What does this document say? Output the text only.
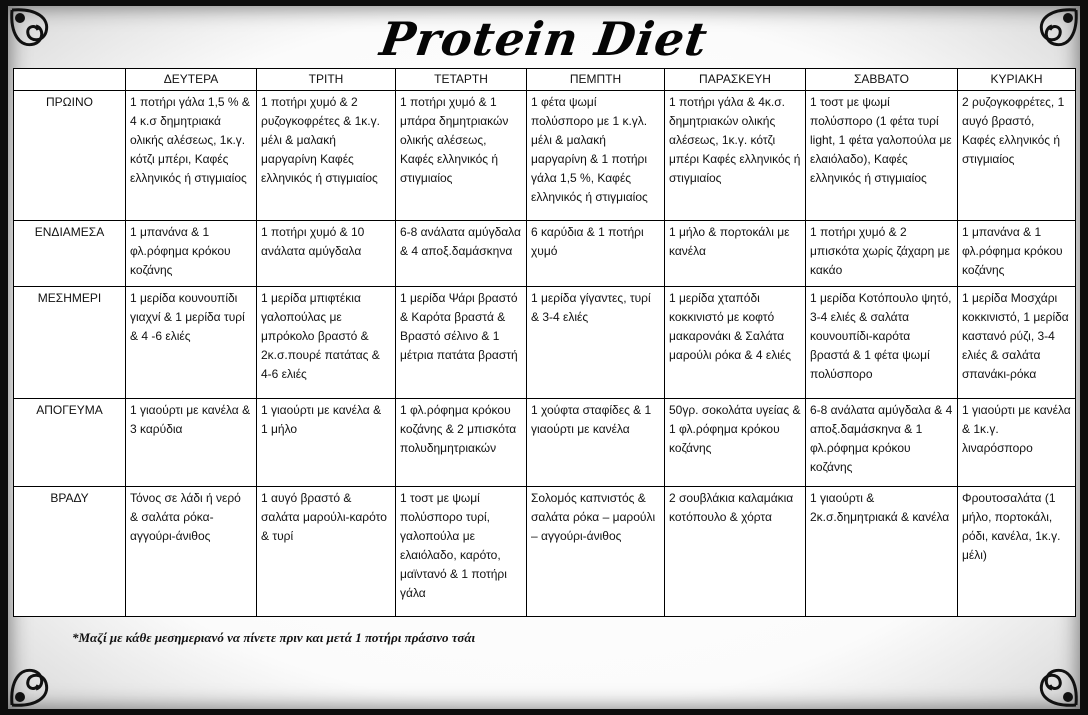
Protein Diet
	ΔΕΥΤΕΡΑ	ΤΡΙΤΗ	ΤΕΤΑΡΤΗ	ΠΕΜΠΤΗ	ΠΑΡΑΣΚΕΥΗ	ΣΑΒΒΑΤΟ	ΚΥΡΙΑΚΗ
ΠΡΩΙΝΟ	1 ποτήρι γάλα 1,5 % & 4 κ.σ δημητριακά ολικής αλέσεως, 1κ.γ. κότζι μπέρι, Καφές ελληνικός ή στιγμιαίος	1 ποτήρι χυμό & 2 ρυζογκοφρέτες & 1κ.γ. μέλι & μαλακή μαργαρίνη Καφές ελληνικός ή στιγμιαίος	1 ποτήρι χυμό & 1 μπάρα δημητριακών ολικής αλέσεως, Καφές ελληνικός ή στιγμιαίος	1 φέτα ψωμί πολύσπορο με 1 κ.γλ. μέλι & μαλακή μαργαρίνη & 1 ποτήρι γάλα 1,5 %, Καφές ελληνικός ή στιγμιαίος	1 ποτήρι γάλα & 4κ.σ. δημητριακών ολικής αλέσεως, 1κ.γ. κότζι μπέρι Καφές ελληνικός ή στιγμιαίος	1 τοστ με ψωμί πολύσπορο (1 φέτα τυρί light, 1 φέτα γαλοπούλα με ελαιόλαδο), Καφές ελληνικός ή στιγμιαίος	2 ρυζογκοφρέτες, 1 αυγό βραστό, Καφές ελληνικός ή στιγμιαίος
ΕΝΔΙΑΜΕΣΑ	1 μπανάνα & 1 φλ.ρόφημα κρόκου κοζάνης	1 ποτήρι χυμό & 10 ανάλατα αμύγδαλα	6-8 ανάλατα αμύγδαλα & 4 αποξ.δαμάσκηνα	6 καρύδια & 1 ποτήρι χυμό	1 μήλο & πορτοκάλι με κανέλα	1 ποτήρι χυμό & 2 μπισκότα χωρίς ζάχαρη με κακάο	1 μπανάνα & 1 φλ.ρόφημα κρόκου κοζάνης
ΜΕΣΗΜΕΡΙ	1 μερίδα κουνουπίδι γιαχνί & 1 μερίδα τυρί & 4 -6 ελιές	1 μερίδα μπιφτέκια γαλοπούλας με μπρόκολο βραστό & 2κ.σ.πουρέ πατάτας & 4-6 ελιές	1 μερίδα Ψάρι βραστό & Καρότα βραστά & Βραστό σέλινο & 1 μέτρια πατάτα βραστή	1 μερίδα γίγαντες, τυρί & 3-4 ελιές	1 μερίδα χταπόδι κοκκινιστό με κοφτό μακαρονάκι & Σαλάτα μαρούλι ρόκα & 4 ελιές	1 μερίδα Κοτόπουλο ψητό, 3-4 ελιές & σαλάτα κουνουπίδι-καρότα βραστά & 1 φέτα ψωμί πολύσπορο	1 μερίδα Μοσχάρι κοκκινιστό, 1 μερίδα καστανό ρύζι, 3-4 ελιές & σαλάτα σπανάκι-ρόκα
ΑΠΟΓΕΥΜΑ	1 γιαούρτι με κανέλα & 3 καρύδια	1 γιαούρτι με κανέλα & 1 μήλο	1 φλ.ρόφημα κρόκου κοζάνης & 2 μπισκότα πολυδημητριακών	1 χούφτα σταφίδες & 1 γιαούρτι με κανέλα	50γρ. σοκολάτα υγείας & 1 φλ.ρόφημα κρόκου κοζάνης	6-8 ανάλατα αμύγδαλα & 4 αποξ.δαμάσκηνα & 1 φλ.ρόφημα κρόκου κοζάνης	1 γιαούρτι με κανέλα & 1κ.γ. λιναρόσπορο
ΒΡΑΔΥ	Τόνος σε λάδι ή νερό & σαλάτα ρόκα-αγγούρι-άνιθος	1 αυγό βραστό & σαλάτα μαρούλι-καρότο & τυρί	1 τοστ με ψωμί πολύσπορο τυρί, γαλοπούλα με ελαιόλαδο, καρότο, μαϊντανό & 1 ποτήρι γάλα	Σολομός καπνιστός & σαλάτα ρόκα – μαρούλι – αγγούρι-άνιθος	2 σουβλάκια καλαμάκια κοτόπουλο & χόρτα	1 γιαούρτι & 2κ.σ.δημητριακά & κανέλα	Φρουτοσαλάτα (1 μήλο, πορτοκάλι, ρόδι, κανέλα, 1κ.γ. μέλι)
*Μαζί με κάθε μεσημεριανό να πίνετε πριν και μετά 1 ποτήρι πράσινο τσάι
